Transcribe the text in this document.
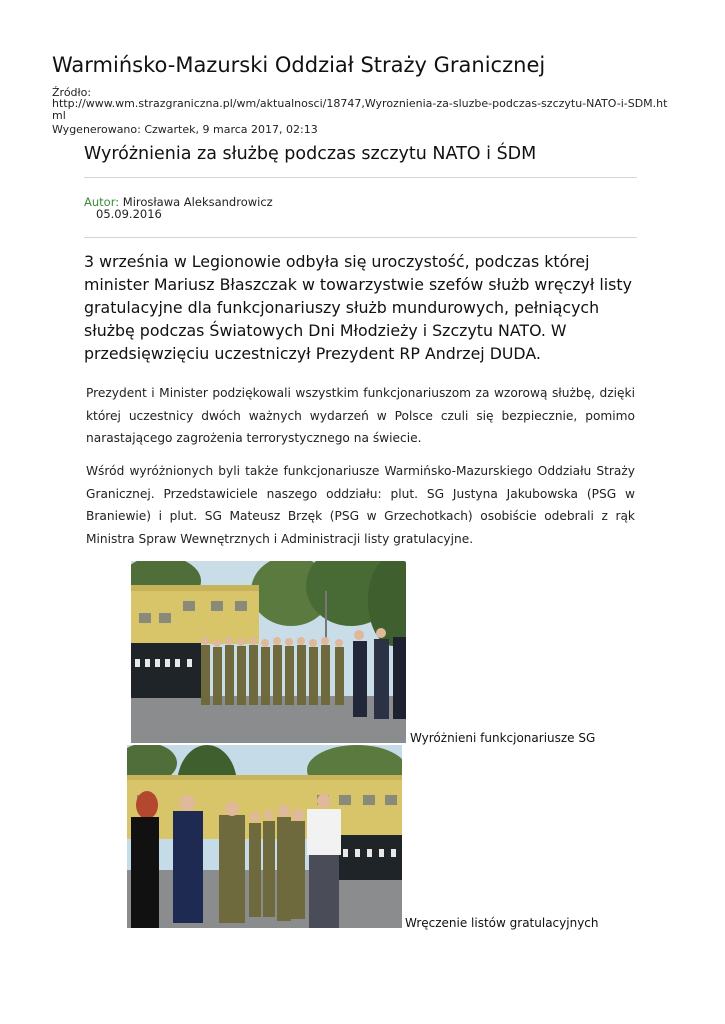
Warmińsko-Mazurski Oddział Straży Granicznej
Źródło:
http://www.wm.strazgraniczna.pl/wm/aktualnosci/18747,Wyroznienia-za-sluzbe-podczas-szczytu-NATO-i-SDM.html
Wygenerowano: Czwartek, 9 marca 2017, 02:13
Wyróżnienia za służbę podczas szczytu NATO i ŚDM
Autor: Mirosława Aleksandrowicz
05.09.2016
3 września w Legionowie odbyła się uroczystość, podczas której minister Mariusz Błaszczak w towarzystwie szefów służb wręczył listy gratulacyjne dla funkcjonariuszy służb mundurowych, pełniących służbę podczas Światowych Dni Młodzieży i Szczytu NATO. W przedsięwzięciu uczestniczył Prezydent RP Andrzej DUDA.
Prezydent i Minister podziękowali wszystkim funkcjonariuszom za wzorową służbę, dzięki której uczestnicy dwóch ważnych wydarzeń w Polsce czuli się bezpiecznie, pomimo narastającego zagrożenia terrorystycznego na świecie.
Wśród wyróżnionych byli także funkcjonariusze Warmińsko-Mazurskiego Oddziału Straży Granicznej. Przedstawiciele naszego oddziału: plut. SG Justyna Jakubowska (PSG w Braniewie) i plut. SG Mateusz Brzęk (PSG w Grzechotkach) osobiście odebrali z rąk Ministra Spraw Wewnętrznych i Administracji listy gratulacyjne.
Wyróżnieni funkcjonariusze SG
Wręczenie listów gratulacyjnych
